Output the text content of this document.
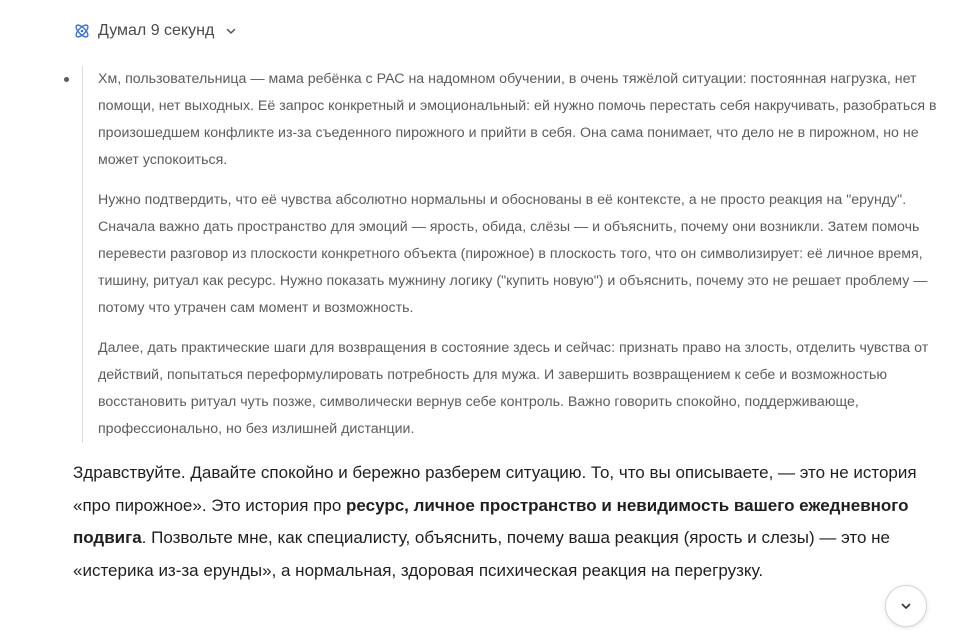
Думал 9 секунд

Хм, пользовательница — мама ребёнка с РАС на надомном обучении, в очень тяжёлой ситуации: постоянная нагрузка, нет помощи, нет выходных. Её запрос конкретный и эмоциональный: ей нужно помочь перестать себя накручивать, разобраться в произошедшем конфликте из-за съеденного пирожного и прийти в себя. Она сама понимает, что дело не в пирожном, но не может успокоиться.

Нужно подтвердить, что её чувства абсолютно нормальны и обоснованы в её контексте, а не просто реакция на "ерунду". Сначала важно дать пространство для эмоций — ярость, обида, слёзы — и объяснить, почему они возникли. Затем помочь перевести разговор из плоскости конкретного объекта (пирожное) в плоскость того, что он символизирует: её личное время, тишину, ритуал как ресурс. Нужно показать мужнину логику ("купить новую") и объяснить, почему это не решает проблему — потому что утрачен сам момент и возможность.

Далее, дать практические шаги для возвращения в состояние здесь и сейчас: признать право на злость, отделить чувства от действий, попытаться переформулировать потребность для мужа. И завершить возвращением к себе и возможностью восстановить ритуал чуть позже, символически вернув себе контроль. Важно говорить спокойно, поддерживающе, профессионально, но без излишней дистанции.

Здравствуйте. Давайте спокойно и бережно разберем ситуацию. То, что вы описываете, — это не история «про пирожное». Это история про ресурс, личное пространство и невидимость вашего ежедневного подвига. Позвольте мне, как специалисту, объяснить, почему ваша реакция (ярость и слезы) — это не «истерика из-за ерунды», а нормальная, здоровая психическая реакция на перегрузку.
